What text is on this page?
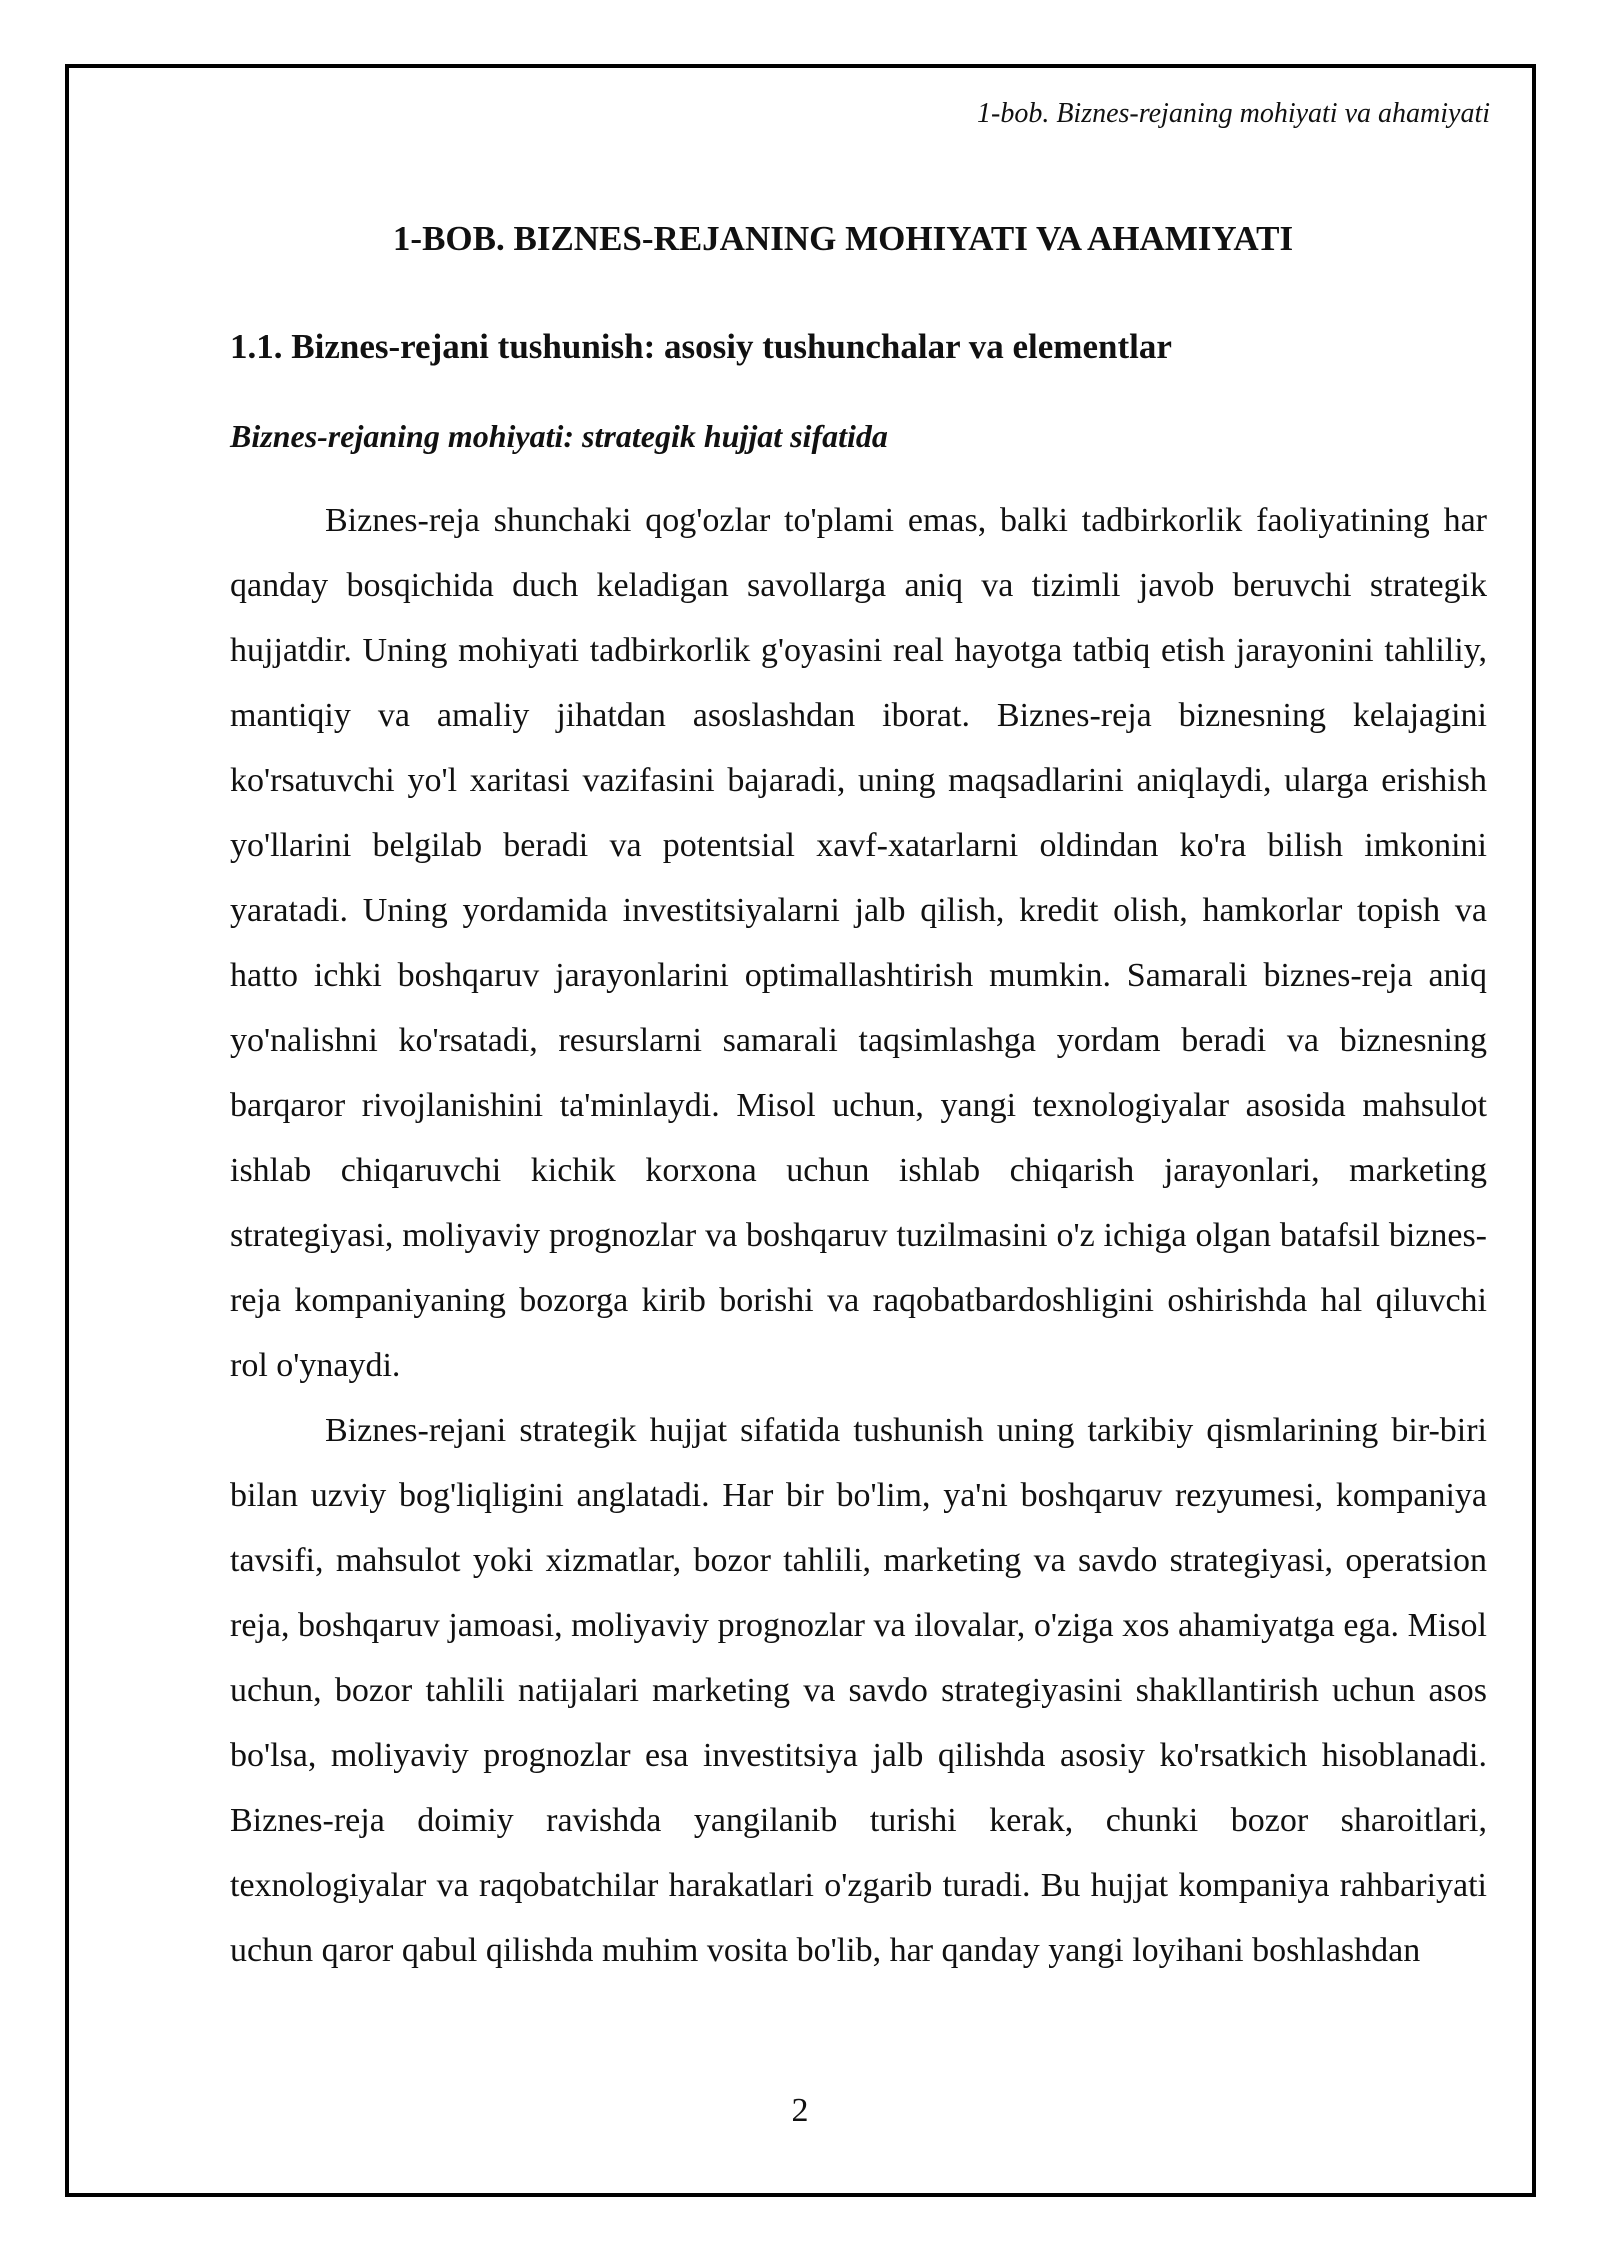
1-bob. Biznes-rejaning mohiyati va ahamiyati
1-BOB. BIZNES-REJANING MOHIYATI VA AHAMIYATI
1.1. Biznes-rejani tushunish: asosiy tushunchalar va elementlar
Biznes-rejaning mohiyati: strategik hujjat sifatida

Biznes-reja shunchaki qog'ozlar to'plami emas, balki tadbirkorlik faoliyatining har qanday bosqichida duch keladigan savollarga aniq va tizimli javob beruvchi strategik hujjatdir. Uning mohiyati tadbirkorlik g'oyasini real hayotga tatbiq etish jarayonini tahliliy, mantiqiy va amaliy jihatdan asoslashdan iborat. Biznes-reja biznesning kelajagini ko'rsatuvchi yo'l xaritasi vazifasini bajaradi, uning maqsadlarini aniqlaydi, ularga erishish yo'llarini belgilab beradi va potentsial xavf-xatarlarni oldindan ko'ra bilish imkonini yaratadi. Uning yordamida investitsiyalarni jalb qilish, kredit olish, hamkorlar topish va hatto ichki boshqaruv jarayonlarini optimallashtirish mumkin. Samarali biznes-reja aniq yo'nalishni ko'rsatadi, resurslarni samarali taqsimlashga yordam beradi va biznesning barqaror rivojlanishini ta'minlaydi. Misol uchun, yangi texnologiyalar asosida mahsulot ishlab chiqaruvchi kichik korxona uchun ishlab chiqarish jarayonlari, marketing strategiyasi, moliyaviy prognozlar va boshqaruv tuzilmasini o'z ichiga olgan batafsil biznes-reja kompaniyaning bozorga kirib borishi va raqobatbardoshligini oshirishda hal qiluvchi rol o'ynaydi.

Biznes-rejani strategik hujjat sifatida tushunish uning tarkibiy qismlarining bir-biri bilan uzviy bog'liqligini anglatadi. Har bir bo'lim, ya'ni boshqaruv rezyumesi, kompaniya tavsifi, mahsulot yoki xizmatlar, bozor tahlili, marketing va savdo strategiyasi, operatsion reja, boshqaruv jamoasi, moliyaviy prognozlar va ilovalar, o'ziga xos ahamiyatga ega. Misol uchun, bozor tahlili natijalari marketing va savdo strategiyasini shakllantirish uchun asos bo'lsa, moliyaviy prognozlar esa investitsiya jalb qilishda asosiy ko'rsatkich hisoblanadi. Biznes-reja doimiy ravishda yangilanib turishi kerak, chunki bozor sharoitlari, texnologiyalar va raqobatchilar harakatlari o'zgarib turadi. Bu hujjat kompaniya rahbariyati uchun qaror qabul qilishda muhim vosita bo'lib, har qanday yangi loyihani boshlashdan

2
